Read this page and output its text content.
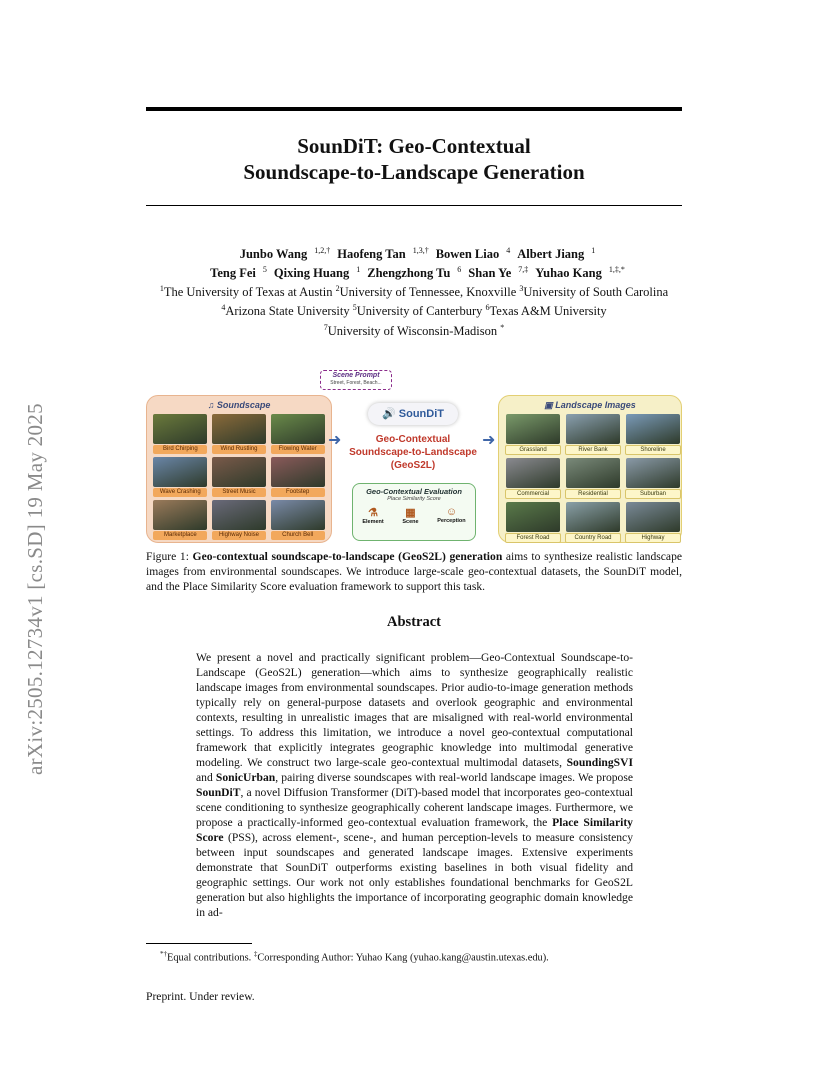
arXiv:2505.12734v1 [cs.SD] 19 May 2025
SounDiT: Geo-Contextual
Soundscape-to-Landscape Generation
Junbo Wang $^{1,2,\dagger}$ Haofeng Tan $^{1,3,\dagger}$ Bowen Liao $^4$ Albert Jiang $^1$
Teng Fei $^5$ Qixing Huang $^1$ Zhengzhong Tu $^6$ Shan Ye $^{7,\ddagger}$ Yuhao Kang $^{1,\ddagger,*}$
$^1$The University of Texas at Austin $^2$University of Tennessee, Knoxville $^3$University of South Carolina
$^4$Arizona State University $^5$University of Canterbury $^6$Texas A&M University
$^7$University of Wisconsin-Madison *
Scene Prompt
Street, Forest, Beach...
♫ Soundscape
Bird Chirping	Wind Rustling	Flowing Water
Wave Crashing	Street Music	Footstep
Marketplace	Highway Noise	Church Bell
🔊 SounDiT
Geo-Contextual
Soundscape-to-Landscape
(GeoS2L)
Geo-Contextual Evaluation
Place Similarity Score
⚗
Element
▦
Scene
☺
Perception
➜	➜
▣ Landscape Images
Grassland	River Bank	Shoreline
Commercial	Residential	Suburban
Forest Road	Country Road	Highway
Figure 1: Geo-contextual soundscape-to-landscape (GeoS2L) generation aims to synthesize realistic landscape images from environmental soundscapes. We introduce large-scale geo-contextual datasets, the SounDiT model, and the Place Similarity Score evaluation framework to support this task.
Abstract
We present a novel and practically significant problem—Geo-Contextual Soundscape-to-Landscape (GeoS2L) generation—which aims to synthesize geographically realistic landscape images from environmental soundscapes. Prior audio-to-image generation methods typically rely on general-purpose datasets and overlook geographic and environmental contexts, resulting in unrealistic images that are misaligned with real-world environmental settings. To address this limitation, we introduce a novel geo-contextual computational framework that explicitly integrates geographic knowledge into multimodal generative modeling. We construct two large-scale geo-contextual multimodal datasets, SoundingSVI and SonicUrban, pairing diverse soundscapes with real-world landscape images. We propose SounDiT, a novel Diffusion Transformer (DiT)-based model that incorporates geo-contextual scene conditioning to synthesize geographically coherent landscape images. Furthermore, we propose a practically-informed geo-contextual evaluation framework, the Place Similarity Score (PSS), across element-, scene-, and human perception-levels to measure consistency between input soundscapes and generated landscape images. Extensive experiments demonstrate that SounDiT outperforms existing baselines in both visual fidelity and geographic settings. Our work not only establishes foundational benchmarks for GeoS2L generation but also highlights the importance of incorporating geographic domain knowledge in ad-
*†Equal contributions. ‡Corresponding Author: Yuhao Kang (yuhao.kang@austin.utexas.edu).
Preprint. Under review.
